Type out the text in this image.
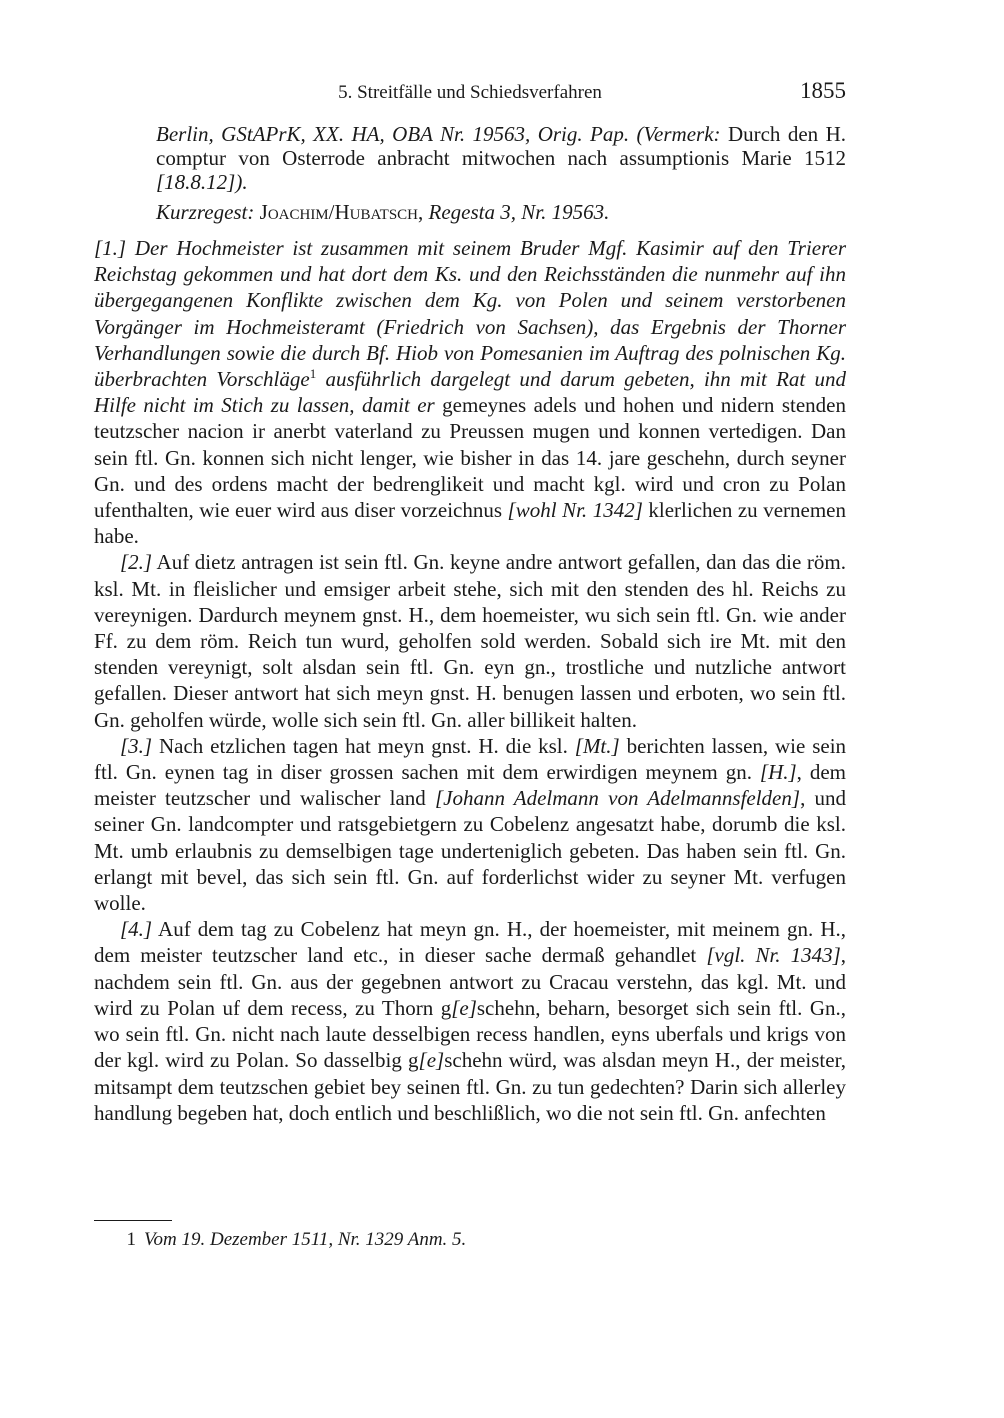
5. Streitfälle und Schiedsverfahren	1855

Berlin, GStAPrK, XX. HA, OBA Nr. 19563, Orig. Pap. (Vermerk: Durch den H. comptur von Osterrode anbracht mitwochen nach assumptionis Marie 1512 [18.8.12]).

Kurzregest: Joachim/Hubatsch, Regesta 3, Nr. 19563.

[1.] Der Hochmeister ist zusammen mit seinem Bruder Mgf. Kasimir auf den Trierer Reichstag gekommen und hat dort dem Ks. und den Reichsständen die nunmehr auf ihn übergegangenen Konflikte zwischen dem Kg. von Polen und seinem verstorbenen Vorgänger im Hochmeisteramt (Friedrich von Sachsen), das Ergebnis der Thorner Verhandlungen sowie die durch Bf. Hiob von Pomesanien im Auftrag des polnischen Kg. überbrachten Vorschläge$^1$ ausführlich dargelegt und darum gebeten, ihn mit Rat und Hilfe nicht im Stich zu lassen, damit er gemeynes adels und hohen und nidern stenden teutzscher nacion ir anerbt vaterland zu Preussen mugen und konnen vertedigen. Dan sein ftl. Gn. konnen sich nicht lenger, wie bisher in das 14. jare geschehn, durch seyner Gn. und des ordens macht der bedrenglikeit und macht kgl. wird und cron zu Polan ufenthalten, wie euer wird aus diser vorzeichnus [wohl Nr. 1342] klerlichen zu vernemen habe.

[2.] Auf dietz antragen ist sein ftl. Gn. keyne andre antwort gefallen, dan das die röm. ksl. Mt. in fleislicher und emsiger arbeit stehe, sich mit den stenden des hl. Reichs zu vereynigen. Dardurch meynem gnst. H., dem hoemeister, wu sich sein ftl. Gn. wie ander Ff. zu dem röm. Reich tun wurd, geholfen sold werden. Sobald sich ire Mt. mit den stenden vereynigt, solt alsdan sein ftl. Gn. eyn gn., trostliche und nutzliche antwort gefallen. Dieser antwort hat sich meyn gnst. H. benugen lassen und erboten, wo sein ftl. Gn. geholfen würde, wolle sich sein ftl. Gn. aller billikeit halten.

[3.] Nach etzlichen tagen hat meyn gnst. H. die ksl. [Mt.] berichten lassen, wie sein ftl. Gn. eynen tag in diser grossen sachen mit dem erwirdigen meynem gn. [H.], dem meister teutzscher und walischer land [Johann Adelmann von Adelmannsfelden], und seiner Gn. landcompter und ratsgebietgern zu Cobelenz angesatzt habe, dorumb die ksl. Mt. umb erlaubnis zu demselbigen tage underteniglich gebeten. Das haben sein ftl. Gn. erlangt mit bevel, das sich sein ftl. Gn. auf forderlichst wider zu seyner Mt. verfugen wolle.

[4.] Auf dem tag zu Cobelenz hat meyn gn. H., der hoemeister, mit meinem gn. H., dem meister teutzscher land etc., in dieser sache dermaß gehandlet [vgl. Nr. 1343], nachdem sein ftl. Gn. aus der gegebnen antwort zu Cracau verstehn, das kgl. Mt. und wird zu Polan uf dem recess, zu Thorn g[e]schehn, beharn, besorget sich sein ftl. Gn., wo sein ftl. Gn. nicht nach laute desselbigen recess handlen, eyns uberfals und krigs von der kgl. wird zu Polan. So dasselbig g[e]schehn würd, was alsdan meyn H., der meister, mitsampt dem teutzschen gebiet bey seinen ftl. Gn. zu tun gedechten? Darin sich allerley handlung begeben hat, doch entlich und beschlißlich, wo die not sein ftl. Gn. anfechten

1 Vom 19. Dezember 1511, Nr. 1329 Anm. 5.
